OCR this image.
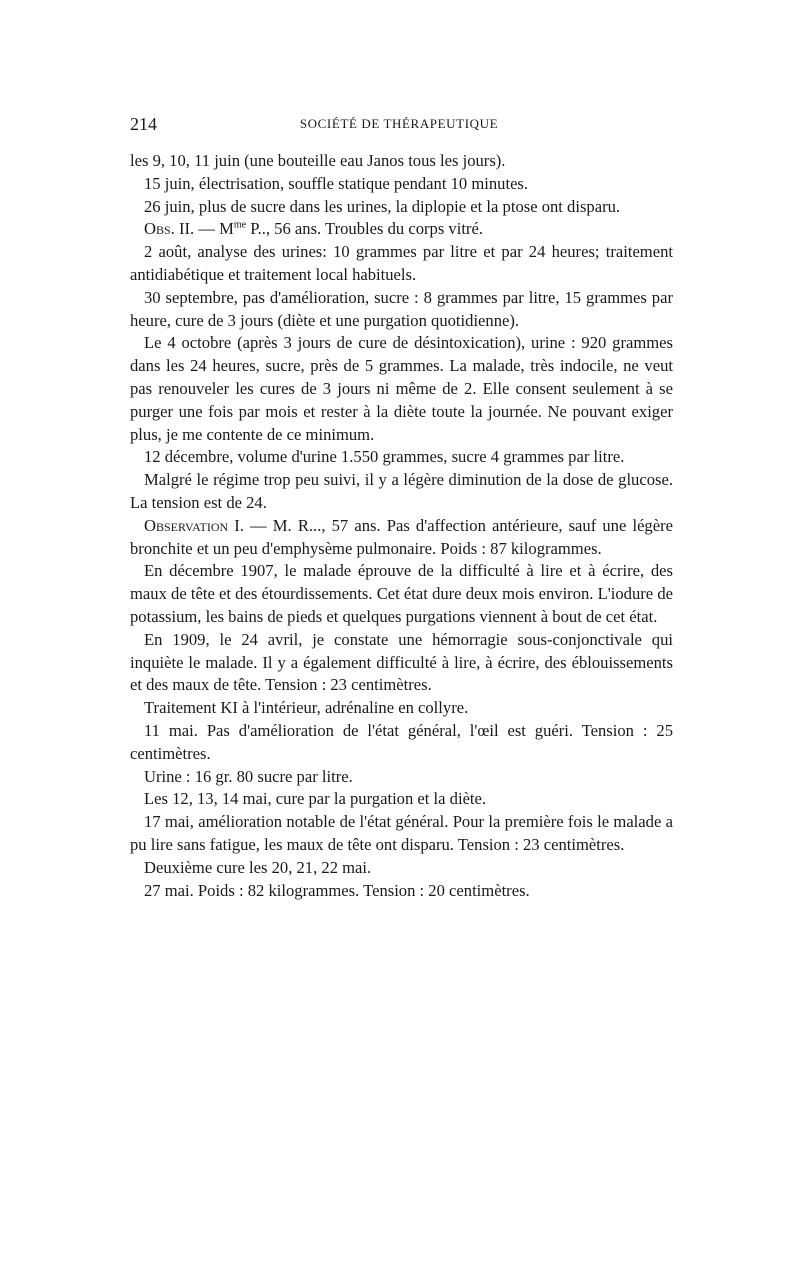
214	SOCIÉTÉ DE THÉRAPEUTIQUE

les 9, 10, 11 juin (une bouteille eau Janos tous les jours).

15 juin, électrisation, souffle statique pendant 10 minutes.

26 juin, plus de sucre dans les urines, la diplopie et la ptose ont disparu.

Obs. II. — $M^{me}$ P.., 56 ans. Troubles du corps vitré.

2 août, analyse des urines: 10 grammes par litre et par 24 heures; traitement antidiabétique et traitement local habituels.

30 septembre, pas d'amélioration, sucre : 8 grammes par litre, 15 grammes par heure, cure de 3 jours (diète et une purgation quotidienne).

Le 4 octobre (après 3 jours de cure de désintoxication), urine : 920 grammes dans les 24 heures, sucre, près de 5 grammes. La malade, très indocile, ne veut pas renouveler les cures de 3 jours ni même de 2. Elle consent seulement à se purger une fois par mois et rester à la diète toute la journée. Ne pouvant exiger plus, je me contente de ce minimum.

12 décembre, volume d'urine 1.550 grammes, sucre 4 grammes par litre.

Malgré le régime trop peu suivi, il y a légère diminution de la dose de glucose. La tension est de 24.

Observation I. — M. R..., 57 ans. Pas d'affection antérieure, sauf une légère bronchite et un peu d'emphysème pulmonaire. Poids : 87 kilogrammes.

En décembre 1907, le malade éprouve de la difficulté à lire et à écrire, des maux de tête et des étourdissements. Cet état dure deux mois environ. L'iodure de potassium, les bains de pieds et quelques purgations viennent à bout de cet état.

En 1909, le 24 avril, je constate une hémorragie sous-conjonctivale qui inquiète le malade. Il y a également difficulté à lire, à écrire, des éblouissements et des maux de tête. Tension : 23 centimètres.

Traitement KI à l'intérieur, adrénaline en collyre.

11 mai. Pas d'amélioration de l'état général, l'œil est guéri. Tension : 25 centimètres.

Urine : 16 gr. 80 sucre par litre.

Les 12, 13, 14 mai, cure par la purgation et la diète.

17 mai, amélioration notable de l'état général. Pour la première fois le malade a pu lire sans fatigue, les maux de tête ont disparu. Tension : 23 centimètres.

Deuxième cure les 20, 21, 22 mai.

27 mai. Poids : 82 kilogrammes. Tension : 20 centimètres.
